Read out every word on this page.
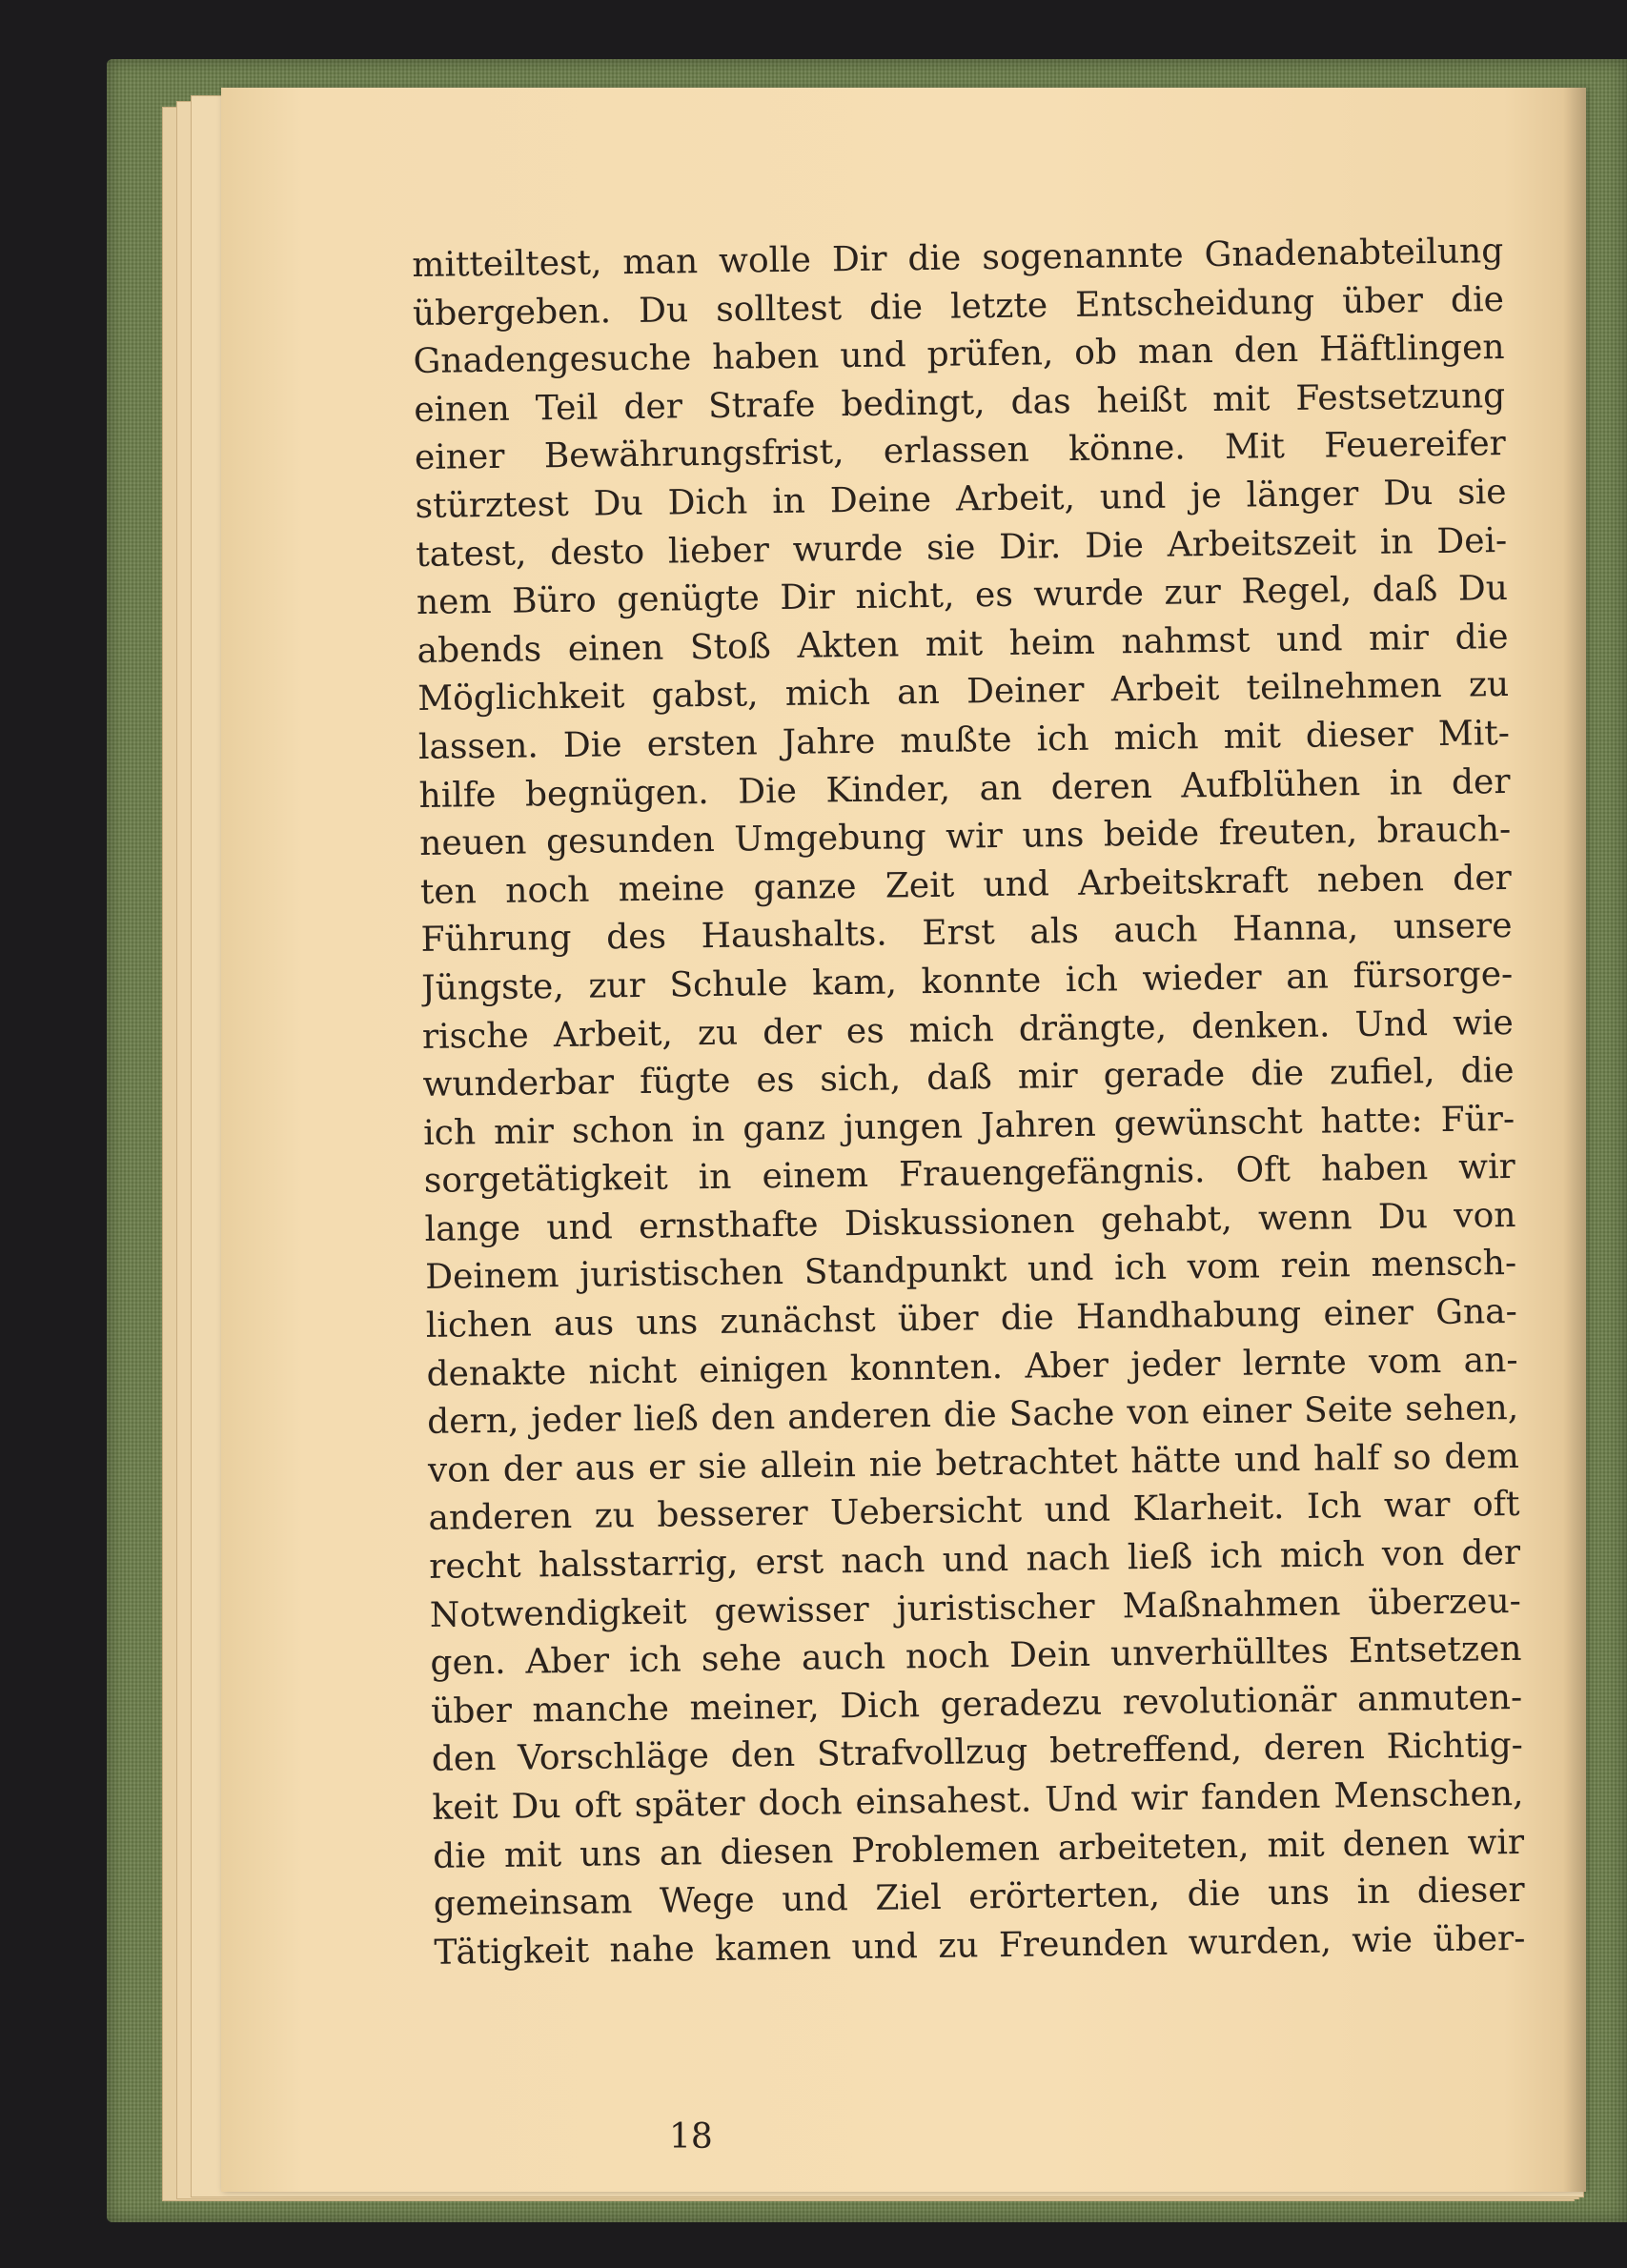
mitteiltest, man wolle Dir die sogenannte Gnadenabteilung
übergeben. Du solltest die letzte Entscheidung über die
Gnadengesuche haben und prüfen, ob man den Häftlingen
einen Teil der Strafe bedingt, das heißt mit Festsetzung
einer Bewährungsfrist, erlassen könne. Mit Feuereifer
stürztest Du Dich in Deine Arbeit, und je länger Du sie
tatest, desto lieber wurde sie Dir. Die Arbeitszeit in Dei-
nem Büro genügte Dir nicht, es wurde zur Regel, daß Du
abends einen Stoß Akten mit heim nahmst und mir die
Möglichkeit gabst, mich an Deiner Arbeit teilnehmen zu
lassen. Die ersten Jahre mußte ich mich mit dieser Mit-
hilfe begnügen. Die Kinder, an deren Aufblühen in der
neuen gesunden Umgebung wir uns beide freuten, brauch-
ten noch meine ganze Zeit und Arbeitskraft neben der
Führung des Haushalts. Erst als auch Hanna, unsere
Jüngste, zur Schule kam, konnte ich wieder an fürsorge-
rische Arbeit, zu der es mich drängte, denken. Und wie
wunderbar fügte es sich, daß mir gerade die zufiel, die
ich mir schon in ganz jungen Jahren gewünscht hatte: Für-
sorgetätigkeit in einem Frauengefängnis. Oft haben wir
lange und ernsthafte Diskussionen gehabt, wenn Du von
Deinem juristischen Standpunkt und ich vom rein mensch-
lichen aus uns zunächst über die Handhabung einer Gna-
denakte nicht einigen konnten. Aber jeder lernte vom an-
dern, jeder ließ den anderen die Sache von einer Seite sehen,
von der aus er sie allein nie betrachtet hätte und half so dem
anderen zu besserer Uebersicht und Klarheit. Ich war oft
recht halsstarrig, erst nach und nach ließ ich mich von der
Notwendigkeit gewisser juristischer Maßnahmen überzeu-
gen. Aber ich sehe auch noch Dein unverhülltes Entsetzen
über manche meiner, Dich geradezu revolutionär anmuten-
den Vorschläge den Strafvollzug betreffend, deren Richtig-
keit Du oft später doch einsahest. Und wir fanden Menschen,
die mit uns an diesen Problemen arbeiteten, mit denen wir
gemeinsam Wege und Ziel erörterten, die uns in dieser
Tätigkeit nahe kamen und zu Freunden wurden, wie über-
18
